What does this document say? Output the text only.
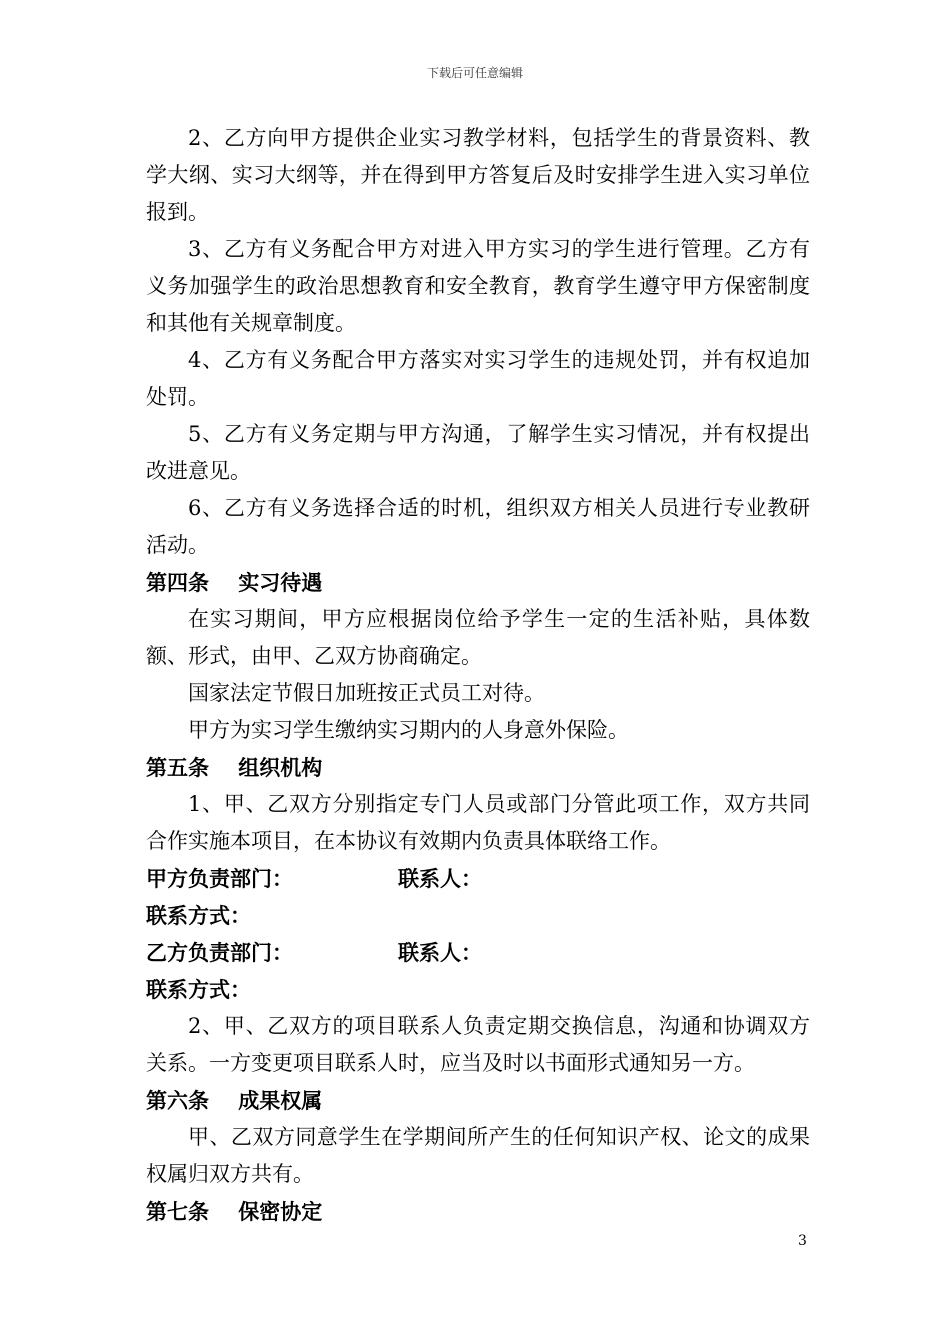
下载后可任意编辑

2、乙方向甲方提供企业实习教学材料，包括学生的背景资料、教学大纲、实习大纲等，并在得到甲方答复后及时安排学生进入实习单位报到。

3、乙方有义务配合甲方对进入甲方实习的学生进行管理。乙方有义务加强学生的政治思想教育和安全教育，教育学生遵守甲方保密制度和其他有关规章制度。

4、乙方有义务配合甲方落实对实习学生的违规处罚，并有权追加处罚。

5、乙方有义务定期与甲方沟通，了解学生实习情况，并有权提出改进意见。

6、乙方有义务选择合适的时机，组织双方相关人员进行专业教研活动。

第四条    实习待遇

在实习期间，甲方应根据岗位给予学生一定的生活补贴，具体数额、形式，由甲、乙双方协商确定。

国家法定节假日加班按正式员工对待。

甲方为实习学生缴纳实习期内的人身意外保险。

第五条    组织机构

1、甲、乙双方分别指定专门人员或部门分管此项工作，双方共同合作实施本项目，在本协议有效期内负责具体联络工作。

甲方负责部门：	联系人：
联系方式：
乙方负责部门：	联系人：
联系方式：

2、甲、乙双方的项目联系人负责定期交换信息，沟通和协调双方关系。一方变更项目联系人时，应当及时以书面形式通知另一方。

第六条    成果权属

甲、乙双方同意学生在学期间所产生的任何知识产权、论文的成果权属归双方共有。

第七条    保密协定

3
